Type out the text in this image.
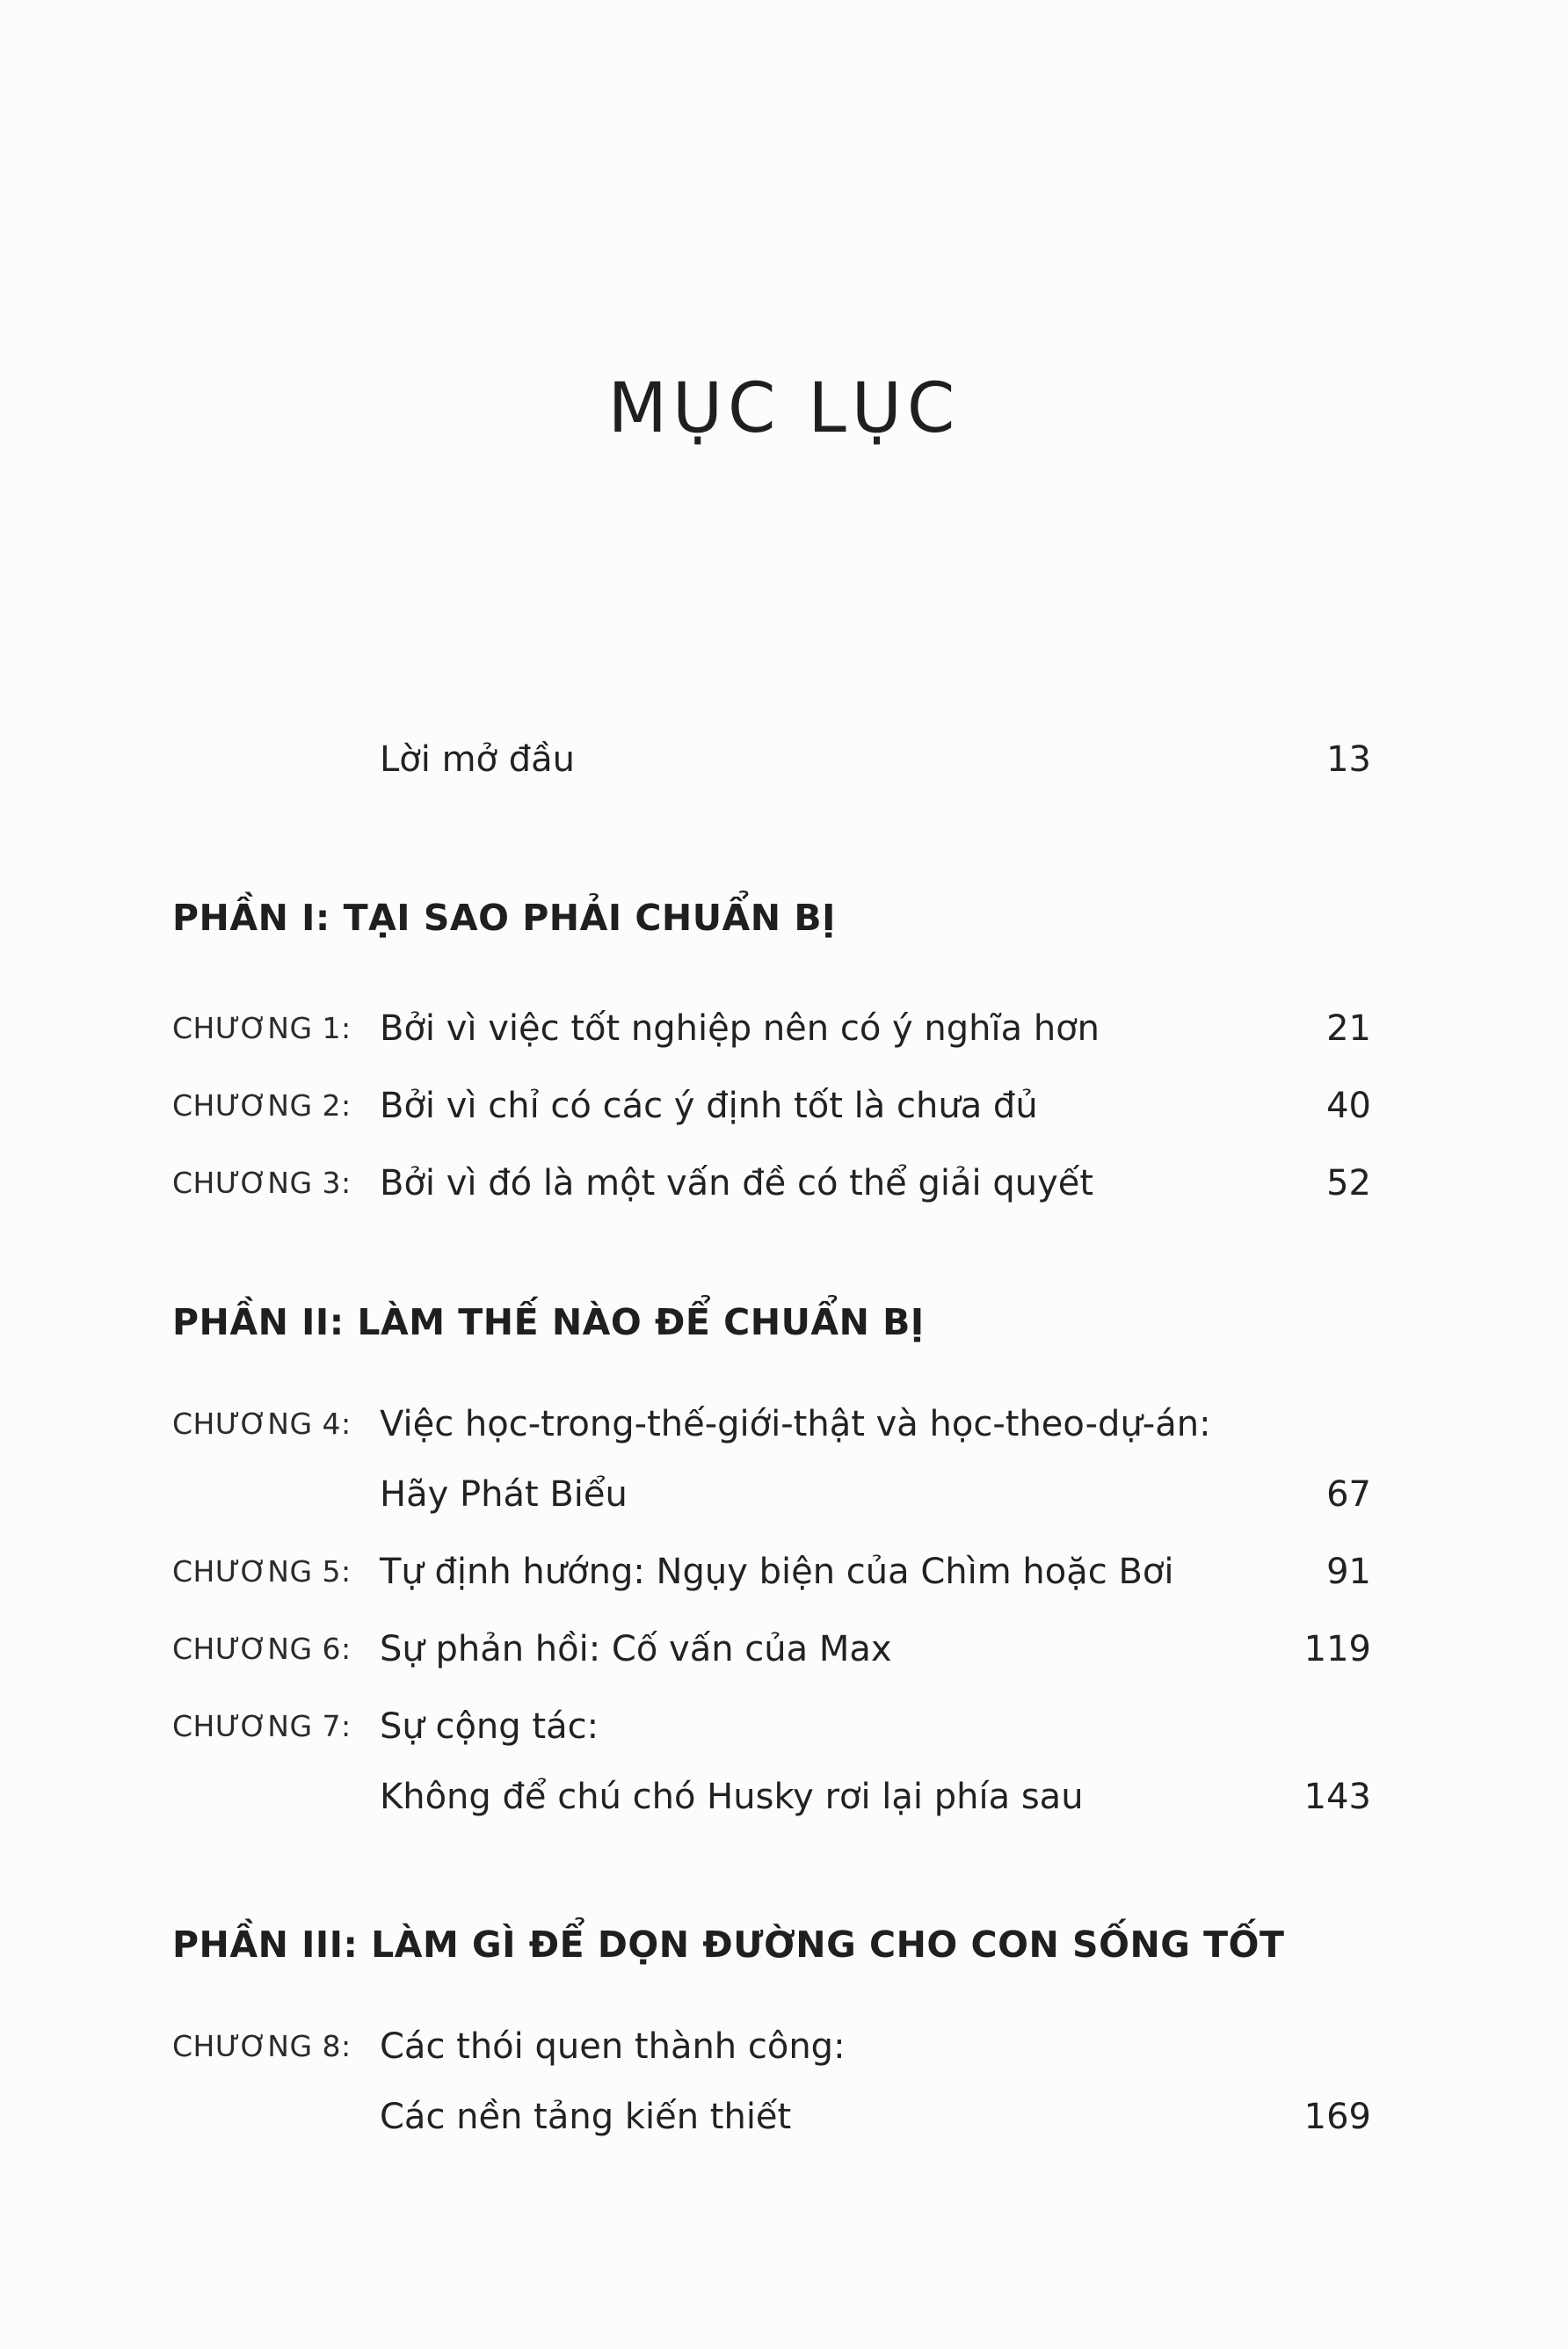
MỤC LỤC
Lời mở đầu	13
PHẦN I: TẠI SAO PHẢI CHUẨN BỊ
CHƯƠNG 1: Bởi vì việc tốt nghiệp nên có ý nghĩa hơn	21
CHƯƠNG 2: Bởi vì chỉ có các ý định tốt là chưa đủ	40
CHƯƠNG 3: Bởi vì đó là một vấn đề có thể giải quyết	52
PHẦN II: LÀM THẾ NÀO ĐỂ CHUẨN BỊ
CHƯƠNG 4: Việc học-trong-thế-giới-thật và học-theo-dự-án:
Hãy Phát Biểu	67
CHƯƠNG 5: Tự định hướng: Ngụy biện của Chìm hoặc Bơi	91
CHƯƠNG 6: Sự phản hồi: Cố vấn của Max	119
CHƯƠNG 7: Sự cộng tác:
Không để chú chó Husky rơi lại phía sau	143
PHẦN III: LÀM GÌ ĐỂ DỌN ĐƯỜNG CHO CON SỐNG TỐT
CHƯƠNG 8: Các thói quen thành công:
Các nền tảng kiến thiết	169
